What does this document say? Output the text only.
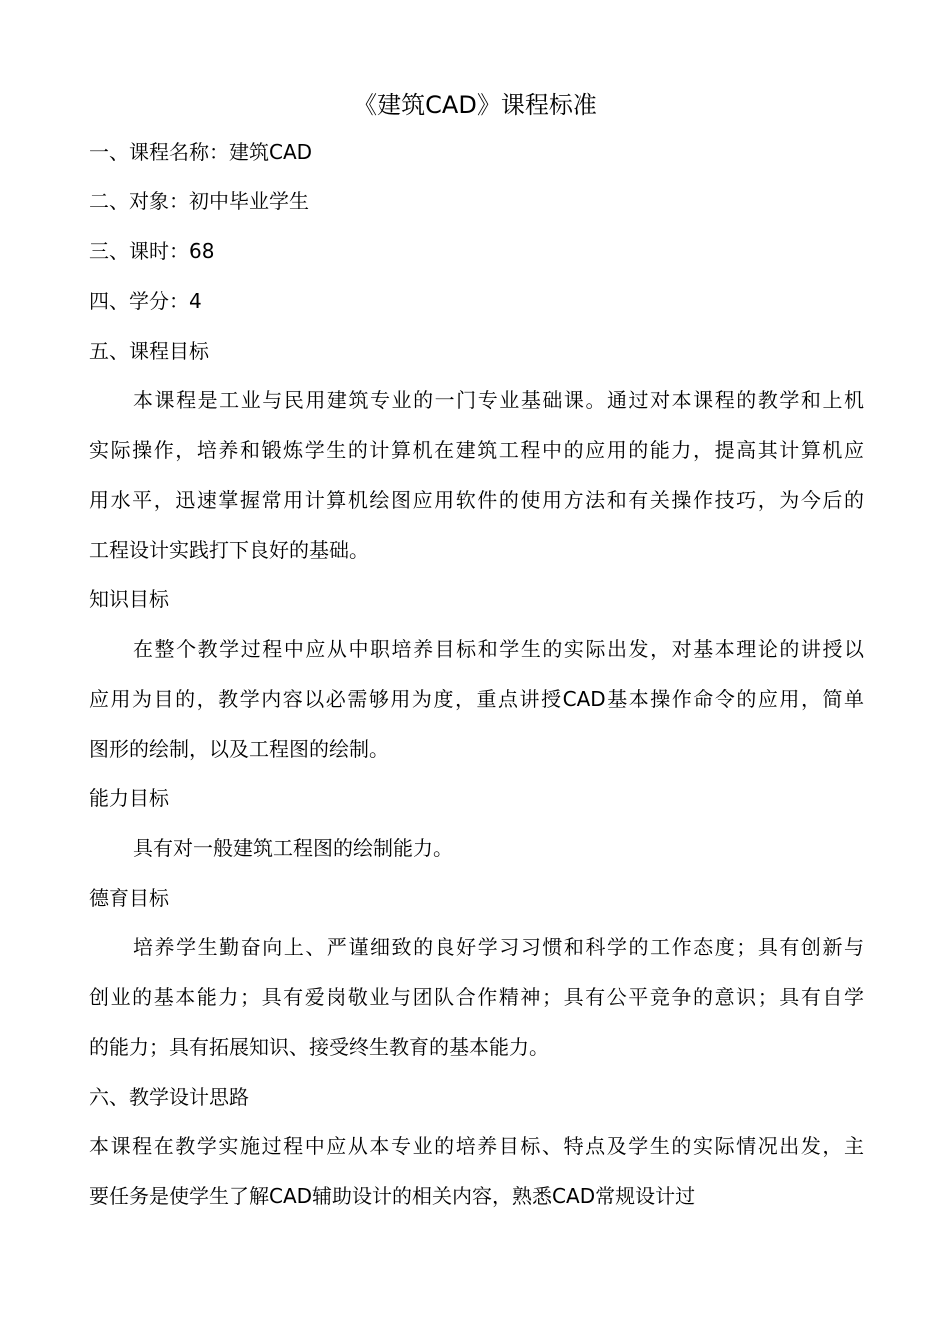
《建筑CAD》课程标准

一、课程名称：建筑CAD

二、对象：初中毕业学生

三、课时：68

四、学分：4

五、课程目标

本课程是工业与民用建筑专业的一门专业基础课。通过对本课程的教学和上机

实际操作，培养和锻炼学生的计算机在建筑工程中的应用的能力，提高其计算机应

用水平，迅速掌握常用计算机绘图应用软件的使用方法和有关操作技巧，为今后的

工程设计实践打下良好的基础。

知识目标

在整个教学过程中应从中职培养目标和学生的实际出发，对基本理论的讲授以

应用为目的，教学内容以必需够用为度，重点讲授CAD基本操作命令的应用，简单

图形的绘制，以及工程图的绘制。

能力目标

具有对一般建筑工程图的绘制能力。

德育目标

培养学生勤奋向上、严谨细致的良好学习习惯和科学的工作态度；具有创新与

创业的基本能力；具有爱岗敬业与团队合作精神；具有公平竞争的意识；具有自学

的能力；具有拓展知识、接受终生教育的基本能力。

六、教学设计思路

本课程在教学实施过程中应从本专业的培养目标、特点及学生的实际情况出发，主

要任务是使学生了解CAD辅助设计的相关内容，熟悉CAD常规设计过
